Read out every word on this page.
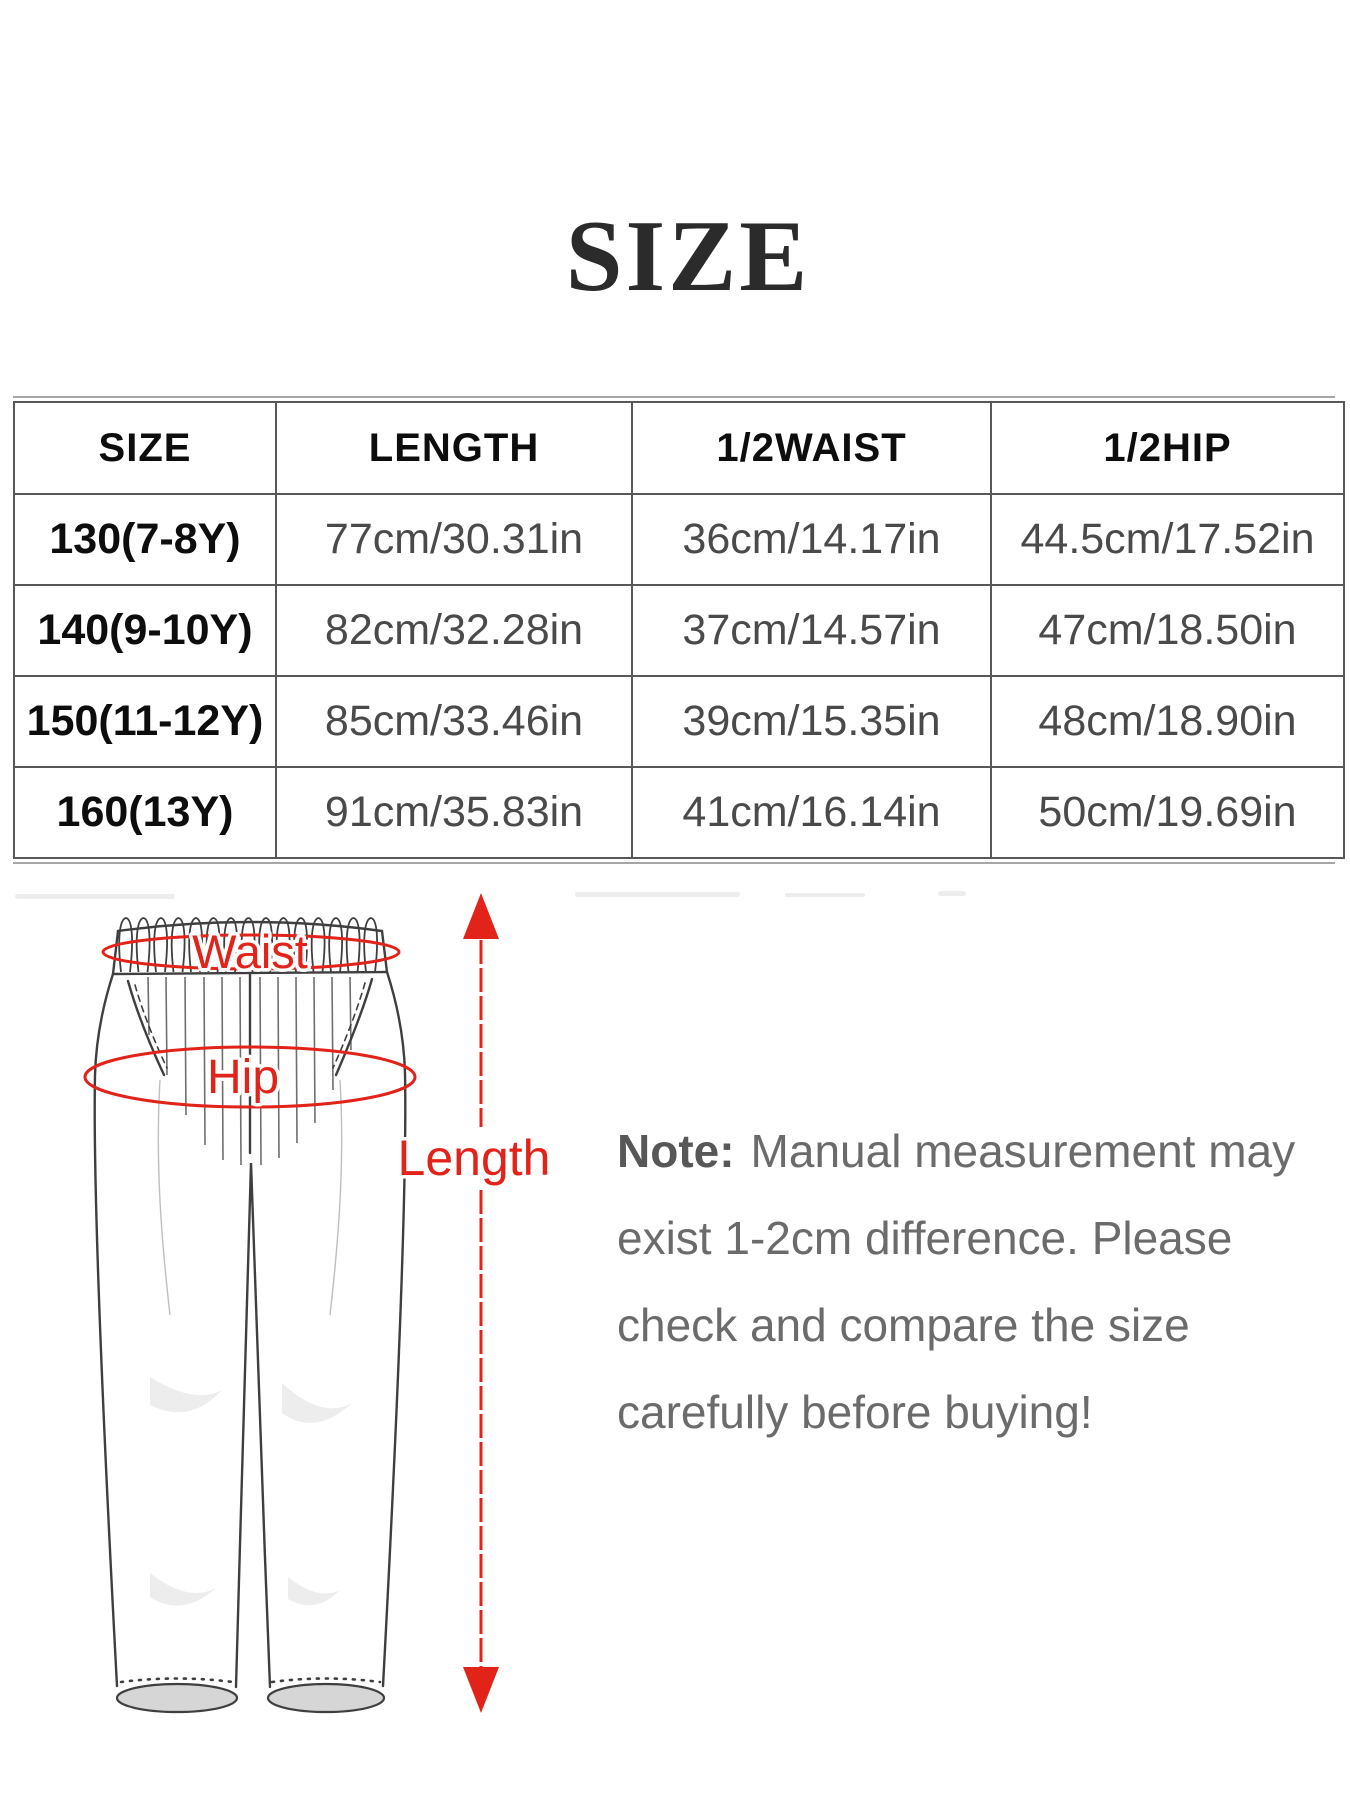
SIZE
SIZE	LENGTH	1/2WAIST	1/2HIP
130(7-8Y)	77cm/30.31in	36cm/14.17in	44.5cm/17.52in
140(9-10Y)	82cm/32.28in	37cm/14.57in	47cm/18.50in
150(11-12Y)	85cm/33.46in	39cm/15.35in	48cm/18.90in
160(13Y)	91cm/35.83in	41cm/16.14in	50cm/19.69in
Waist
Hip
Length Note: Manual measurement may
exist 1-2cm difference. Please
check and compare the size
carefully before buying!
